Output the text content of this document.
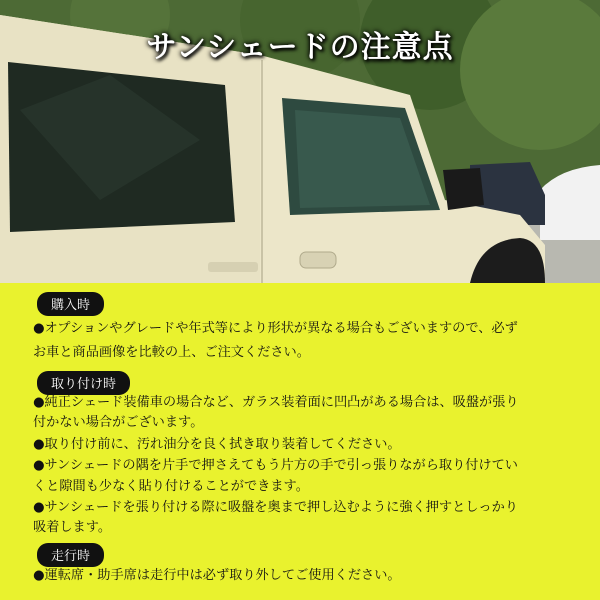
サンシェードの注意点
購入時
●オプションやグレードや年式等により形状が異なる場合もございますので、必ず
お車と商品画像を比較の上、ご注文ください。
取り付け時
●純正シェード装備車の場合など、ガラス装着面に凹凸がある場合は、吸盤が張り
付かない場合がございます。
●取り付け前に、汚れ油分を良く拭き取り装着してください。
●サンシェードの隅を片手で押さえてもう片方の手で引っ張りながら取り付けてい
くと隙間も少なく貼り付けることができます。
●サンシェードを張り付ける際に吸盤を奥まで押し込むように強く押すとしっかり
吸着します。
走行時
●運転席・助手席は走行中は必ず取り外してご使用ください。
